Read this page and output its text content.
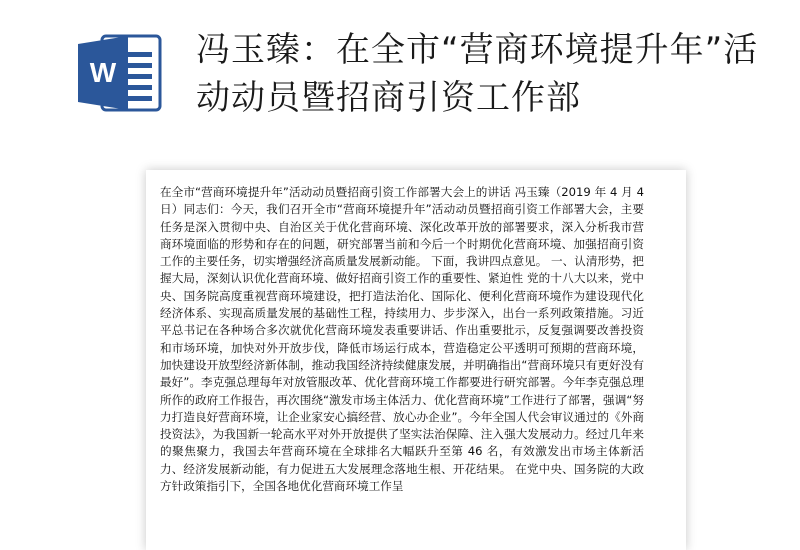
W
冯玉臻：在全市“营商环境提升年”活动动员暨招商引资工作部
在全市“营商环境提升年”活动动员暨招商引资工作部署大会上的讲话 冯玉臻（2019 年 4 月 4 日）同志们：今天，我们召开全市“营商环境提升年”活动动员暨招商引资工作部署大会，主要任务是深入贯彻中央、自治区关于优化营商环境、深化改革开放的部署要求，深入分析我市营商环境面临的形势和存在的问题，研究部署当前和今后一个时期优化营商环境、加强招商引资工作的主要任务，切实增强经济高质量发展新动能。 下面，我讲四点意见。 一、认清形势，把握大局，深刻认识优化营商环境、做好招商引资工作的重要性、紧迫性 党的十八大以来，党中央、国务院高度重视营商环境建设，把打造法治化、国际化、便利化营商环境作为建设现代化经济体系、实现高质量发展的基础性工程，持续用力、步步深入，出台一系列政策措施。习近平总书记在各种场合多次就优化营商环境发表重要讲话、作出重要批示，反复强调要改善投资和市场环境，加快对外开放步伐，降低市场运行成本，营造稳定公平透明可预期的营商环境，加快建设开放型经济新体制，推动我国经济持续健康发展，并明确指出“营商环境只有更好没有最好”。李克强总理每年对放管服改革、优化营商环境工作都要进行研究部署。今年李克强总理所作的政府工作报告，再次围绕“激发市场主体活力、优化营商环境”工作进行了部署，强调“努力打造良好营商环境，让企业家安心搞经营、放心办企业”。今年全国人代会审议通过的《外商投资法》，为我国新一轮高水平对外开放提供了坚实法治保障、注入强大发展动力。经过几年来的聚焦聚力，我国去年营商环境在全球排名大幅跃升至第 46 名，有效激发出市场主体新活力、经济发展新动能，有力促进五大发展理念落地生根、开花结果。 在党中央、国务院的大政方针政策指引下，全国各地优化营商环境工作呈
